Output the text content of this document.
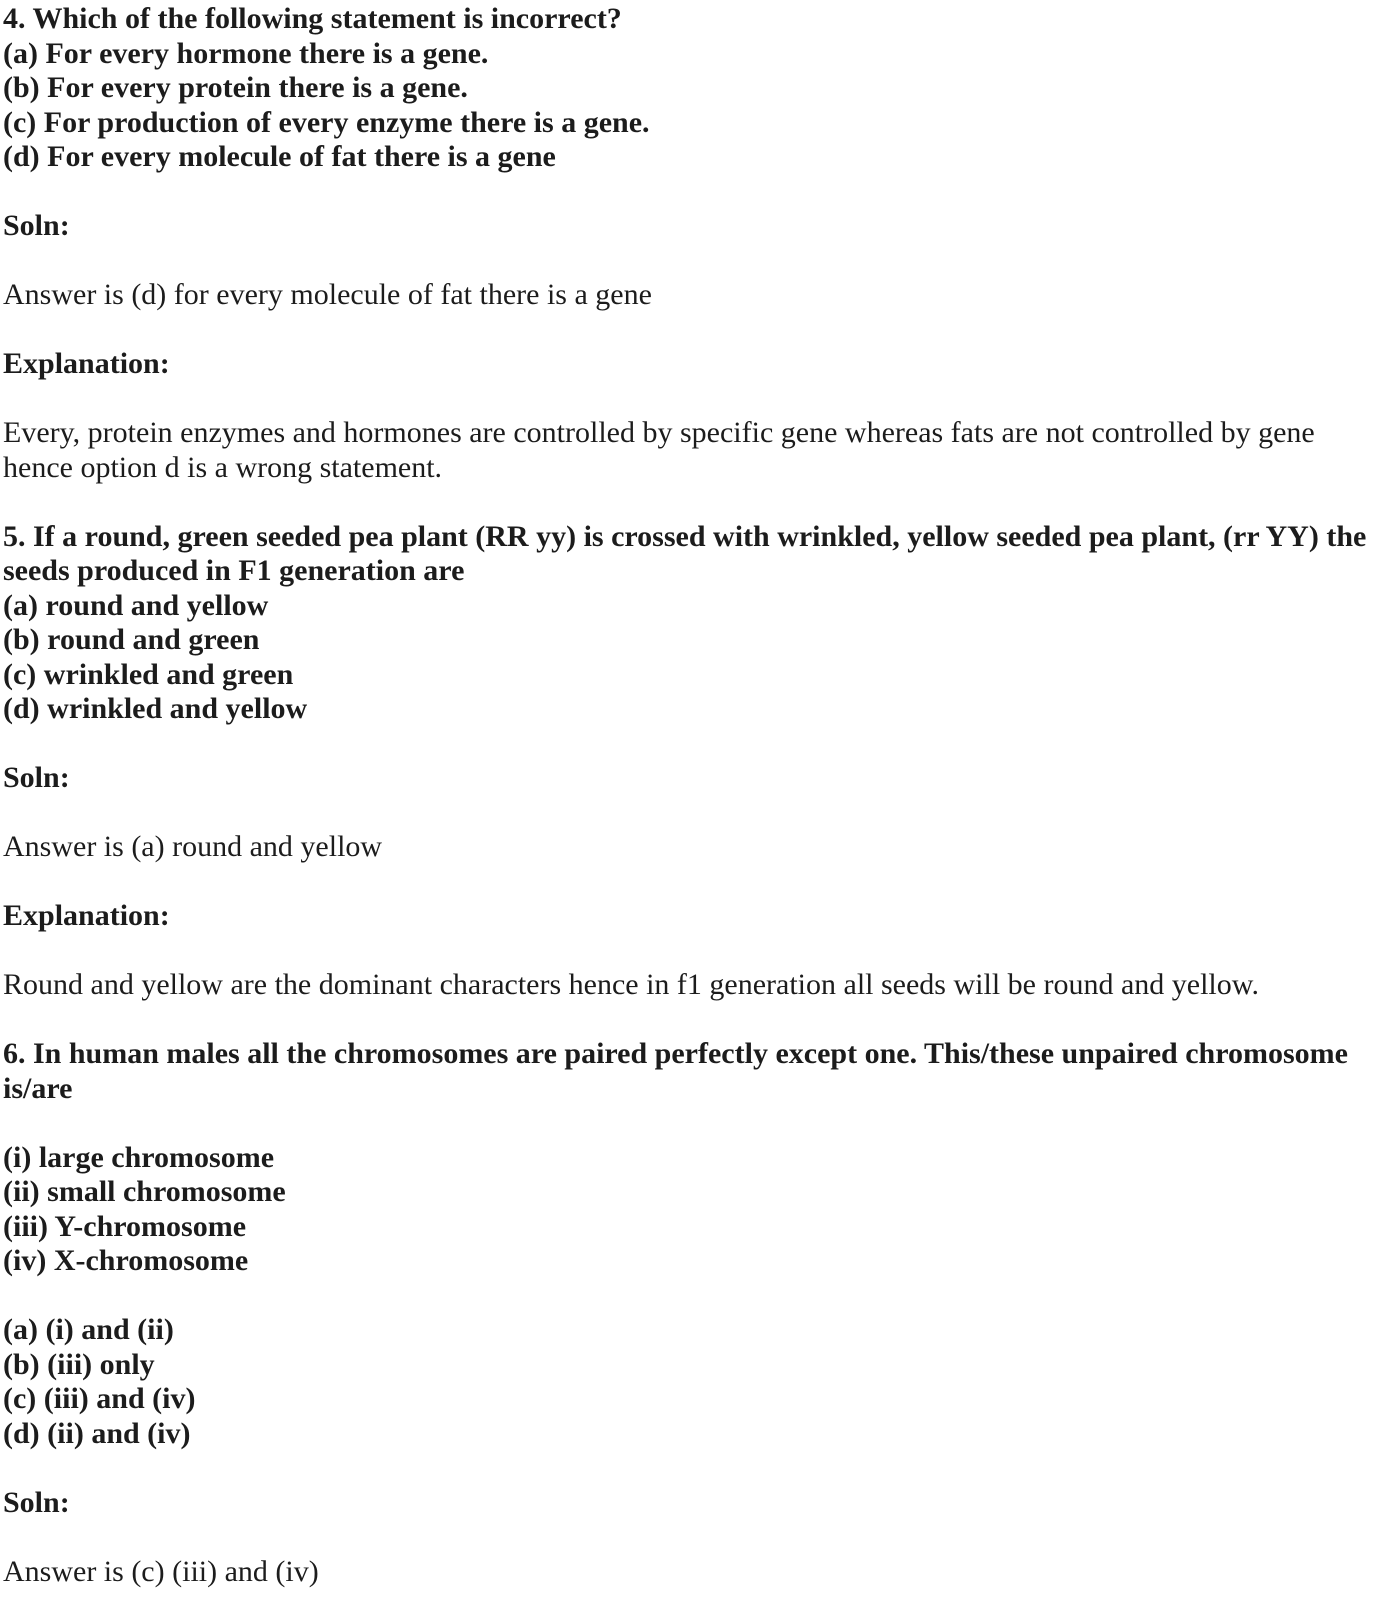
4. Which of the following statement is incorrect?
(a) For every hormone there is a gene.
(b) For every protein there is a gene.
(c) For production of every enzyme there is a gene.
(d) For every molecule of fat there is a gene
Soln:
Answer is (d) for every molecule of fat there is a gene
Explanation:
Every, protein enzymes and hormones are controlled by specific gene whereas fats are not controlled by gene hence option d is a wrong statement.
5. If a round, green seeded pea plant (RR yy) is crossed with wrinkled, yellow seeded pea plant, (rr YY) the seeds produced in F1 generation are
(a) round and yellow
(b) round and green
(c) wrinkled and green
(d) wrinkled and yellow
Soln:
Answer is (a) round and yellow
Explanation:
Round and yellow are the dominant characters hence in f1 generation all seeds will be round and yellow.
6. In human males all the chromosomes are paired perfectly except one. This/these unpaired chromosome is/are
(i) large chromosome
(ii) small chromosome
(iii) Y-chromosome
(iv) X-chromosome
(a) (i) and (ii)
(b) (iii) only
(c) (iii) and (iv)
(d) (ii) and (iv)
Soln:
Answer is (c) (iii) and (iv)
